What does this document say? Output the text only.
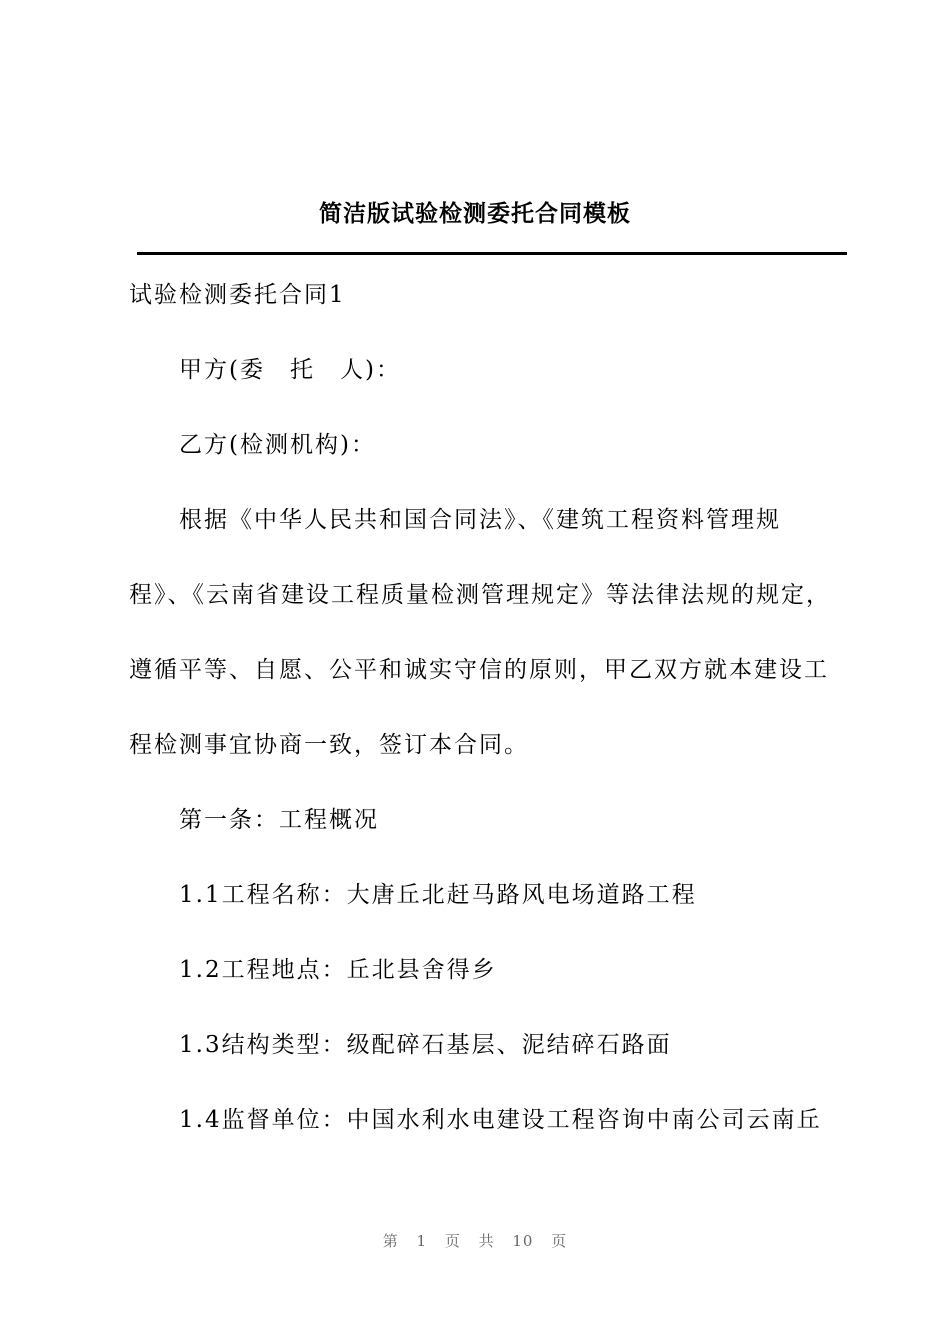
简洁版试验检测委托合同模板

试验检测委托合同1

甲方(委　托　人)：

乙方(检测机构)：

根据《中华人民共和国合同法》、《建筑工程资料管理规
程》、《云南省建设工程质量检测管理规定》等法律法规的规定，
遵循平等、自愿、公平和诚实守信的原则，甲乙双方就本建设工
程检测事宜协商一致，签订本合同。

第一条：工程概况

1.1工程名称：大唐丘北赶马路风电场道路工程

1.2工程地点：丘北县舍得乡

1.3结构类型：级配碎石基层、泥结碎石路面

1.4监督单位：中国水利水电建设工程咨询中南公司云南丘

第 1 页 共 10 页
